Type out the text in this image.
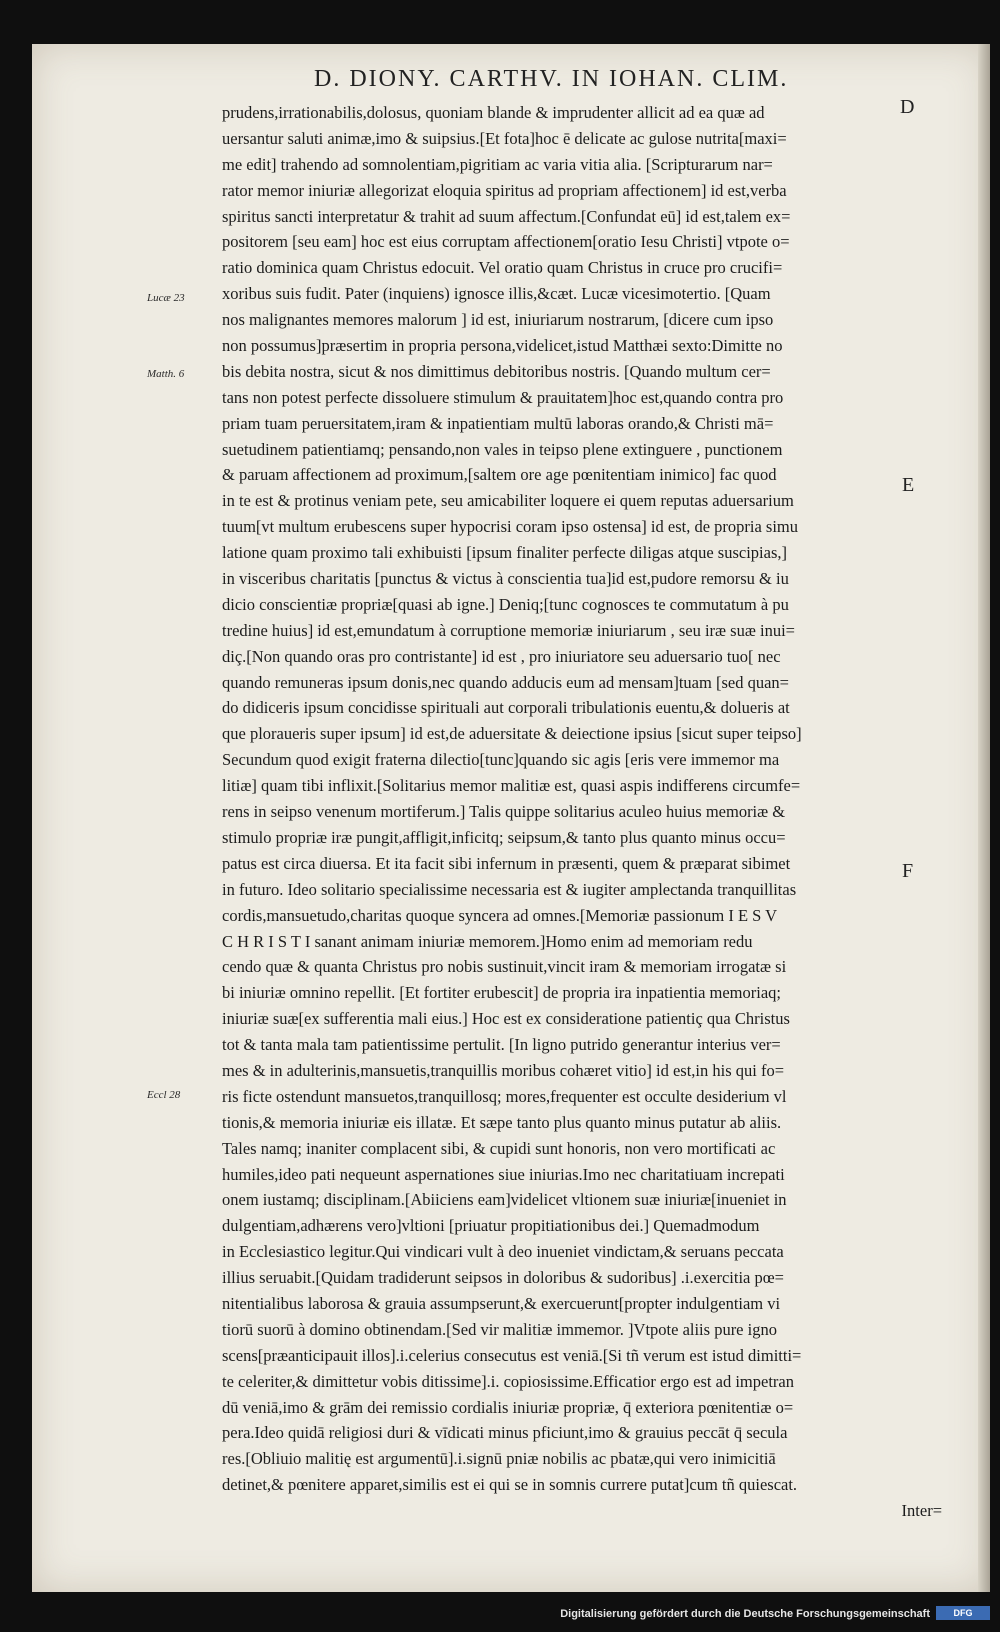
D. DIONY. CARTHV. IN IOHAN. CLIM.
prudens,irrationabilis,dolosus, quoniam blande & imprudenter allicit ad ea quæ ad
uersantur saluti animæ,imo & suipsius.[Et fota]hoc ē delicate ac gulose nutrita[maxi=
me edit] trahendo ad somnolentiam,pigritiam ac varia vitia alia. [Scripturarum nar=
rator memor iniuriæ allegorizat eloquia spiritus ad propriam affectionem] id est,verba
spiritus sancti interpretatur & trahit ad suum affectum.[Confundat eū] id est,talem ex=
positorem [seu eam] hoc est eius corruptam affectionem[oratio Iesu Christi] vtpote o=
ratio dominica quam Christus edocuit. Vel oratio quam Christus in cruce pro crucifi=
xoribus suis fudit. Pater (inquiens) ignosce illis,&cæt. Lucæ vicesimotertio. [Quam
nos malignantes memores malorum ] id est, iniuriarum nostrarum, [dicere cum ipso
non possumus]præsertim in propria persona,videlicet,istud Matthæi sexto:Dimitte no
bis debita nostra, sicut & nos dimittimus debitoribus nostris. [Quando multum cer=
tans non potest perfecte dissoluere stimulum & prauitatem]hoc est,quando contra pro
priam tuam peruersitatem,iram & inpatientiam multū laboras orando,& Christi mā=
suetudinem patientiamq; pensando,non vales in teipso plene extinguere , punctionem
& paruam affectionem ad proximum,[saltem ore age pœnitentiam inimico] fac quod
in te est & protinus veniam pete, seu amicabiliter loquere ei quem reputas aduersarium
tuum[vt multum erubescens super hypocrisi coram ipso ostensa] id est, de propria simu
latione quam proximo tali exhibuisti [ipsum finaliter perfecte diligas atque suscipias,]
in visceribus charitatis [punctus & victus à conscientia tua]id est,pudore remorsu & iu
dicio conscientiæ propriæ[quasi ab igne.] Deniq;[tunc cognosces te commutatum à pu
tredine huius] id est,emundatum à corruptione memoriæ iniuriarum , seu iræ suæ inui=
diç.[Non quando oras pro contristante] id est , pro iniuriatore seu aduersario tuo[ nec
quando remuneras ipsum donis,nec quando adducis eum ad mensam]tuam [sed quan=
do didiceris ipsum concidisse spirituali aut corporali tribulationis euentu,& dolueris at
que ploraueris super ipsum] id est,de aduersitate & deiectione ipsius [sicut super teipso]
Secundum quod exigit fraterna dilectio[tunc]quando sic agis [eris vere immemor ma
litiæ] quam tibi inflixit.[Solitarius memor malitiæ est, quasi aspis indifferens circumfe=
rens in seipso venenum mortiferum.] Talis quippe solitarius aculeo huius memoriæ &
stimulo propriæ iræ pungit,affligit,inficitq; seipsum,& tanto plus quanto minus occu=
patus est circa diuersa. Et ita facit sibi infernum in præsenti, quem & præparat sibimet
in futuro. Ideo solitario specialissime necessaria est & iugiter amplectanda tranquillitas
cordis,mansuetudo,charitas quoque syncera ad omnes.[Memoriæ passionum I E S V
C H R I S T I sanant animam iniuriæ memorem.]Homo enim ad memoriam redu
cendo quæ & quanta Christus pro nobis sustinuit,vincit iram & memoriam irrogatæ si
bi iniuriæ omnino repellit. [Et fortiter erubescit] de propria ira inpatientia memoriaq;
iniuriæ suæ[ex sufferentia mali eius.] Hoc est ex consideratione patientiç qua Christus
tot & tanta mala tam patientissime pertulit. [In ligno putrido generantur interius ver=
mes & in adulterinis,mansuetis,tranquillis moribus cohæret vitio] id est,in his qui fo=
ris ficte ostendunt mansuetos,tranquillosq; mores,frequenter est occulte desiderium vl
tionis,& memoria iniuriæ eis illatæ. Et sæpe tanto plus quanto minus putatur ab aliis.
Tales namq; inaniter complacent sibi, & cupidi sunt honoris, non vero mortificati ac
humiles,ideo pati nequeunt aspernationes siue iniurias.Imo nec charitatiuam increpati
onem iustamq; disciplinam.[Abiiciens eam]videlicet vltionem suæ iniuriæ[inueniet in
dulgentiam,adhærens vero]vltioni [priuatur propitiationibus dei.] Quemadmodum
in Ecclesiastico legitur.Qui vindicari vult à deo inueniet vindictam,& seruans peccata
illius seruabit.[Quidam tradiderunt seipsos in doloribus & sudoribus] .i.exercitia pœ=
nitentialibus laborosa & grauia assumpserunt,& exercuerunt[propter indulgentiam vi
tiorū suorū à domino obtinendam.[Sed vir malitiæ immemor. ]Vtpote aliis pure igno
scens[præanticipauit illos].i.celerius consecutus est veniā.[Si tñ verum est istud dimitti=
te celeriter,& dimittetur vobis ditissime].i. copiosissime.Efficatior ergo est ad impetran
dū veniā,imo & grām dei remissio cordialis iniuriæ propriæ, q̄ exteriora pœnitentiæ o=
pera.Ideo quidā religiosi duri & vīdicati minus pficiunt,imo & grauius peccāt q̄ secula
res.[Obliuio malitię est argumentū].i.signū pniæ nobilis ac pbatæ,qui vero inimicitiā
detinet,& pœnitere apparet,similis est ei qui se in somnis currere putat]cum tñ quiescat.
Inter=
Lucæ 23
Matth. 6
Eccl 28
D
E
F
Digitalisierung gefördert durch die Deutsche Forschungsgemeinschaft	DFG
